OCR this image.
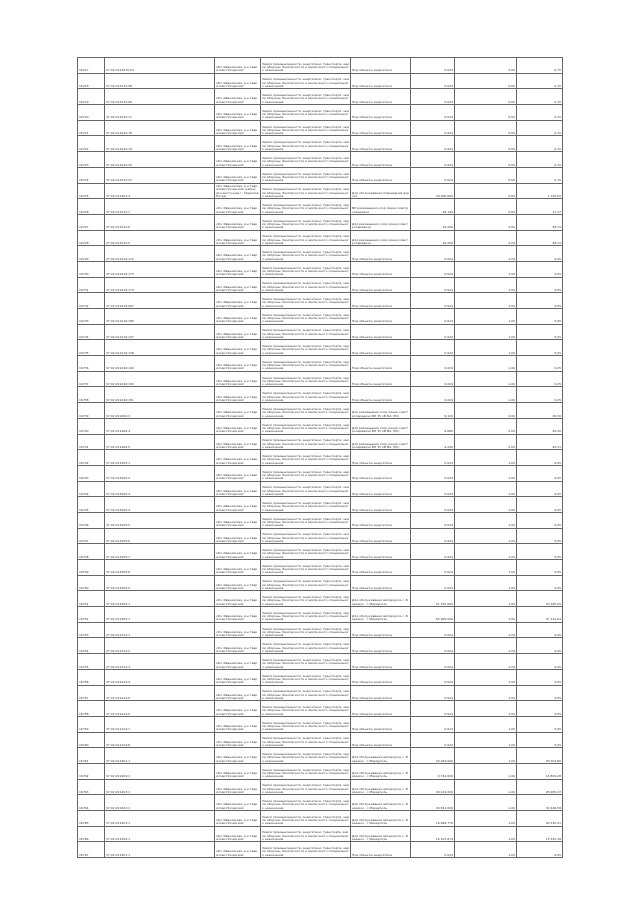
16717	27:02:0114015:54	обл. Ивановская, р-н Гаврилово-Посадский	Земли промышленности, энергетики, транспорта, земли обороны, безопасности и земли иного специального назначения	Под объекты энергетики	0,024	2,00	0,75
16718	37:02:011415:58	обл. Ивановская, р-н Гаврилово-Посадский	Земли промышленности, энергетики, транспорта, земли обороны, безопасности и земли иного специального назначения	Под объекты энергетики	0,024	0,50	0,15
16719	37:02:011415:56	обл. Ивановская, р-н Гаврилово-Посадский	Земли промышленности, энергетики, транспорта, земли обороны, безопасности и земли иного специального назначения	Под объекты энергетики	0,024	0,50	0,15
16720	37:02:011415:17	обл. Ивановская, р-н Гаврилово-Посадский	Земли промышленности, энергетики, транспорта, земли обороны, безопасности и земли иного специального назначения	Под объекты энергетики	0,024	0,50	0,15
16721	37:02:011415:18	обл. Ивановская, р-н Гаврилово-Посадский	Земли промышленности, энергетики, транспорта, земли обороны, безопасности и земли иного специального назначения	Под объекты энергетики	0,024	0,50	0,15
16722	37:02:011415:19	обл. Ивановская, р-н Гаврилово-Посадский	Земли промышленности, энергетики, транспорта, земли обороны, безопасности и земли иного специального назначения	Под объекты энергетики	0,024	0,50	0,15
16723	37:02:011415:20	обл. Ивановская, р-н Гаврилово-Посадский	Земли промышленности, энергетики, транспорта, земли обороны, безопасности и земли иного специального назначения	Под объекты энергетики	0,024	0,50	0,15
16724	37:02:011415:21	обл. Ивановская, р-н Гаврилово-Посадский	Земли промышленности, энергетики, транспорта, земли обороны, безопасности и земли иного специального назначения	Под объекты энергетики	0,024	0,50	0,15
16725	37:02:011401:3	обл. Ивановская, р-н Гаврилово-Посадский, район, юго-восточнее г. Гаврилов Посад	Земли промышленности, энергетики, транспорта, земли обороны, безопасности и земли иного специального назначения	Для обслуживания подъездной дороги	30 000,000	0,50	1 730,00
16726	37:02:011415:7	обл. Ивановская, р-н Гаврилово-Посадский	Земли промышленности, энергетики, транспорта, земли обороны, безопасности и земли иного специального назначения	ВЛ размещения опор линии электропередачи	46,140	0,50	11,37
16727	37:02:011415:6	обл. Ивановская, р-н Гаврилово-Посадский	Земли промышленности, энергетики, транспорта, земли обороны, безопасности и земли иного специального назначения	Для размещения опор линии электропередачи	16,200	2,00	48,72
16728	37:02:011415:5	обл. Ивановская, р-н Гаврилово-Посадский	Земли промышленности, энергетики, транспорта, земли обороны, безопасности и земли иного специального назначения	Для размещения опор линии электропередачи	16,200	2,00	48,72
16729	37:02:011416:172	обл. Ивановская, р-н Гаврилово-Посадский	Земли промышленности, энергетики, транспорта, земли обороны, безопасности и земли иного специального назначения	Под объекты энергетики	0,024	1,00	0,05
16730	37:02:011416:173	обл. Ивановская, р-н Гаврилово-Посадский	Земли промышленности, энергетики, транспорта, земли обороны, безопасности и земли иного специального назначения	Под объекты энергетики	0,024	1,00	0,05
16731	37:02:011416:174	обл. Ивановская, р-н Гаврилово-Посадский	Земли промышленности, энергетики, транспорта, земли обороны, безопасности и земли иного специального назначения	Под объекты энергетики	0,024	1,00	0,05
16732	37:02:011416:097	обл. Ивановская, р-н Гаврилово-Посадский	Земли промышленности, энергетики, транспорта, земли обороны, безопасности и земли иного специального назначения	Под объекты энергетики	0,024	1,00	0,05
16733	37:02:011416:185	обл. Ивановская, р-н Гаврилово-Посадский	Земли промышленности, энергетики, транспорта, земли обороны, безопасности и земли иного специального назначения	Под объекты энергетики	0,024	1,00	0,05
16734	37:02:011416:147	обл. Ивановская, р-н Гаврилово-Посадский	Земли промышленности, энергетики, транспорта, земли обороны, безопасности и земли иного специального назначения	Под объекты энергетики	0,024	1,00	0,05
16735	37:02:011416:148	обл. Ивановская, р-н Гаврилово-Посадский	Земли промышленности, энергетики, транспорта, земли обороны, безопасности и земли иного специального назначения	Под объекты энергетики	0,024	1,00	0,05
16736	37:02:011416:149	обл. Ивановская, р-н Гаврилово-Посадский	Земли промышленности, энергетики, транспорта, земли обороны, безопасности и земли иного специального назначения	Под объекты энергетики	0,024	1,00	0,05
16737	37:02:011416:150	обл. Ивановская, р-н Гаврилово-Посадский	Земли промышленности, энергетики, транспорта, земли обороны, безопасности и земли иного специального назначения	Под объекты энергетики	0,024	1,00	0,05
16738	37:02:011416:151	обл. Ивановская, р-н Гаврилово-Посадский	Земли промышленности, энергетики, транспорта, земли обороны, безопасности и земли иного специального назначения	Под объекты энергетики	0,024	1,00	0,05
16739	37:02:011406:3	обл. Ивановская, р-н Гаврилово-Посадский	Земли промышленности, энергетики, транспорта, земли обороны, безопасности и земли иного специального назначения	Для размещения опор линии электропередачи ВЛ 35 кВ №1 (ПС)	9,120	2,00	26,30
16740	37:02:011406:4	обл. Ивановская, р-н Гаврилово-Посадский	Земли промышленности, энергетики, транспорта, земли обороны, безопасности и земли иного специального назначения	Для размещения опор линии электропередачи ВЛ 35 кВ №1 (ПС)	9,080	2,00	26,30
16741	37:02:011406:5	обл. Ивановская, р-н Гаврилово-Посадский	Земли промышленности, энергетики, транспорта, земли обороны, безопасности и земли иного специального назначения	Для размещения опор линии электропередачи ВЛ 35 кВ №1 (ПС)	9,240	2,00	26,31
16742	37:02:011505:1	обл. Ивановская, р-н Гаврилово-Посадский	Земли промышленности, энергетики, транспорта, земли обороны, безопасности и земли иного специального назначения	Под объекты энергетики	0,024	1,00	0,05
16743	37:02:011505:2	обл. Ивановская, р-н Гаврилово-Посадский	Земли промышленности, энергетики, транспорта, земли обороны, безопасности и земли иного специального назначения	Под объекты энергетики	0,024	1,00	0,05
16744	37:02:011505:3	обл. Ивановская, р-н Гаврилово-Посадский	Земли промышленности, энергетики, транспорта, земли обороны, безопасности и земли иного специального назначения	Под объекты энергетики	0,024	1,00	0,05
16745	37:02:011505:4	обл. Ивановская, р-н Гаврилово-Посадский	Земли промышленности, энергетики, транспорта, земли обороны, безопасности и земли иного специального назначения	Под объекты энергетики	0,024	1,00	0,05
16746	37:02:011505:5	обл. Ивановская, р-н Гаврилово-Посадский	Земли промышленности, энергетики, транспорта, земли обороны, безопасности и земли иного специального назначения	Под объекты энергетики	0,024	1,00	0,05
16747	37:02:011505:6	обл. Ивановская, р-н Гаврилово-Посадский	Земли промышленности, энергетики, транспорта, земли обороны, безопасности и земли иного специального назначения	Под объекты энергетики	0,024	1,00	0,05
16748	37:02:011505:7	обл. Ивановская, р-н Гаврилово-Посадский	Земли промышленности, энергетики, транспорта, земли обороны, безопасности и земли иного специального назначения	Под объекты энергетики	0,024	1,00	0,05
16749	37:02:011505:8	обл. Ивановская, р-н Гаврилово-Посадский	Земли промышленности, энергетики, транспорта, земли обороны, безопасности и земли иного специального назначения	Под объекты энергетики	0,024	1,00	0,05
16750	37:02:011505:9	обл. Ивановская, р-н Гаврилово-Посадский	Земли промышленности, энергетики, транспорта, земли обороны, безопасности и земли иного специального назначения	Под объекты энергетики	0,024	1,00	0,05
16751	37:02:011405:1	обл. Ивановская, р-н Гаврилово-Посадский	Земли промышленности, энергетики, транспорта, земли обороны, безопасности и земли иного специального назначения	Для обслуживания автодороги с. Бережок - г.Мариуполь	21 370,000	1,00	20 345,25
16752	37:02:011405:1	обл. Ивановская, р-н Гаврилово-Посадский	Земли промышленности, энергетики, транспорта, земли обороны, безопасности и земли иного специального назначения	Для обслуживания автодороги с. Бережок - г.Мариуполь	64 905,000	1,00	47 114,64
16753	37:02:011414:1	обл. Ивановская, р-н Гаврилово-Посадский	Земли промышленности, энергетики, транспорта, земли обороны, безопасности и земли иного специального назначения	Под объекты энергетики	0,024	1,00	0,05
16754	37:02:011414:2	обл. Ивановская, р-н Гаврилово-Посадский	Земли промышленности, энергетики, транспорта, земли обороны, безопасности и земли иного специального назначения	Под объекты энергетики	0,024	1,00	0,05
16755	37:02:011414:3	обл. Ивановская, р-н Гаврилово-Посадский	Земли промышленности, энергетики, транспорта, земли обороны, безопасности и земли иного специального назначения	Под объекты энергетики	0,024	1,00	0,05
16756	37:02:011414:4	обл. Ивановская, р-н Гаврилово-Посадский	Земли промышленности, энергетики, транспорта, земли обороны, безопасности и земли иного специального назначения	Под объекты энергетики	0,024	1,00	0,05
16757	37:02:011414:5	обл. Ивановская, р-н Гаврилово-Посадский	Земли промышленности, энергетики, транспорта, земли обороны, безопасности и земли иного специального назначения	Под объекты энергетики	0,024	1,00	0,05
16758	37:02:011414:6	обл. Ивановская, р-н Гаврилово-Посадский	Земли промышленности, энергетики, транспорта, земли обороны, безопасности и земли иного специального назначения	Под объекты энергетики	0,024	1,00	0,05
16759	37:02:011414:7	обл. Ивановская, р-н Гаврилово-Посадский	Земли промышленности, энергетики, транспорта, земли обороны, безопасности и земли иного специального назначения	Под объекты энергетики	0,024	1,00	0,05
16760	37:02:011414:8	обл. Ивановская, р-н Гаврилово-Посадский	Земли промышленности, энергетики, транспорта, земли обороны, безопасности и земли иного специального назначения	Под объекты энергетики	0,024	1,00	0,05
16761	37:02:011401:1	обл. Ивановская, р-н Гаврилово-Посадский	Земли промышленности, энергетики, транспорта, земли обороны, безопасности и земли иного специального назначения	Для обслуживания автодороги с. Бережок - г.Мариуполь	24 024,000	1,00	30 204,80
16762	37:02:011409:1	обл. Ивановская, р-н Гаврилово-Посадский	Земли промышленности, энергетики, транспорта, земли обороны, безопасности и земли иного специального назначения	Для обслуживания автодороги с. Бережок - г.Мариуполь	9 742,000	1,00	16 829,28
16763	37:02:011403:1	обл. Ивановская, р-н Гаврилово-Посадский	Земли промышленности, энергетики, транспорта, земли обороны, безопасности и земли иного специального назначения	Для обслуживания автодороги с. Бережок - г.Мариуполь	20 101,000	1,00	26 905,47
16764	37:02:011402:1	обл. Ивановская, р-н Гаврилово-Посадский	Земли промышленности, энергетики, транспорта, земли обороны, безопасности и земли иного специального назначения	Для обслуживания автодороги с. Бережок - г.Мариуполь	24 811,000	1,00	30 446,58
16765	37:02:011503:1	обл. Ивановская, р-н Гаврилово-Посадский	Земли промышленности, энергетики, транспорта, земли обороны, безопасности и земли иного специального назначения	Для обслуживания автодороги с. Бережок - г.Мариуполь	16 684,770	1,00	40 530,91
16766	37:02:011502:1	обл. Ивановская, р-н Гаврилово-Посадский	Земли промышленности, энергетики, транспорta, земли обороны, безопасности и земли иного специального назначения	Для обслуживания автодороги с. Бережок - г.Мариуполь	10 107,874	1,00	15 545,18
16767	37:02:011501:1	обл. Ивановская, р-н Гаврилово-Посадский	Земли промышленности, энергетики, транспорта, земли обороны, безопасности и земли иного специального назначения	Под объекты энергетики	0,024	1,00	0,05
